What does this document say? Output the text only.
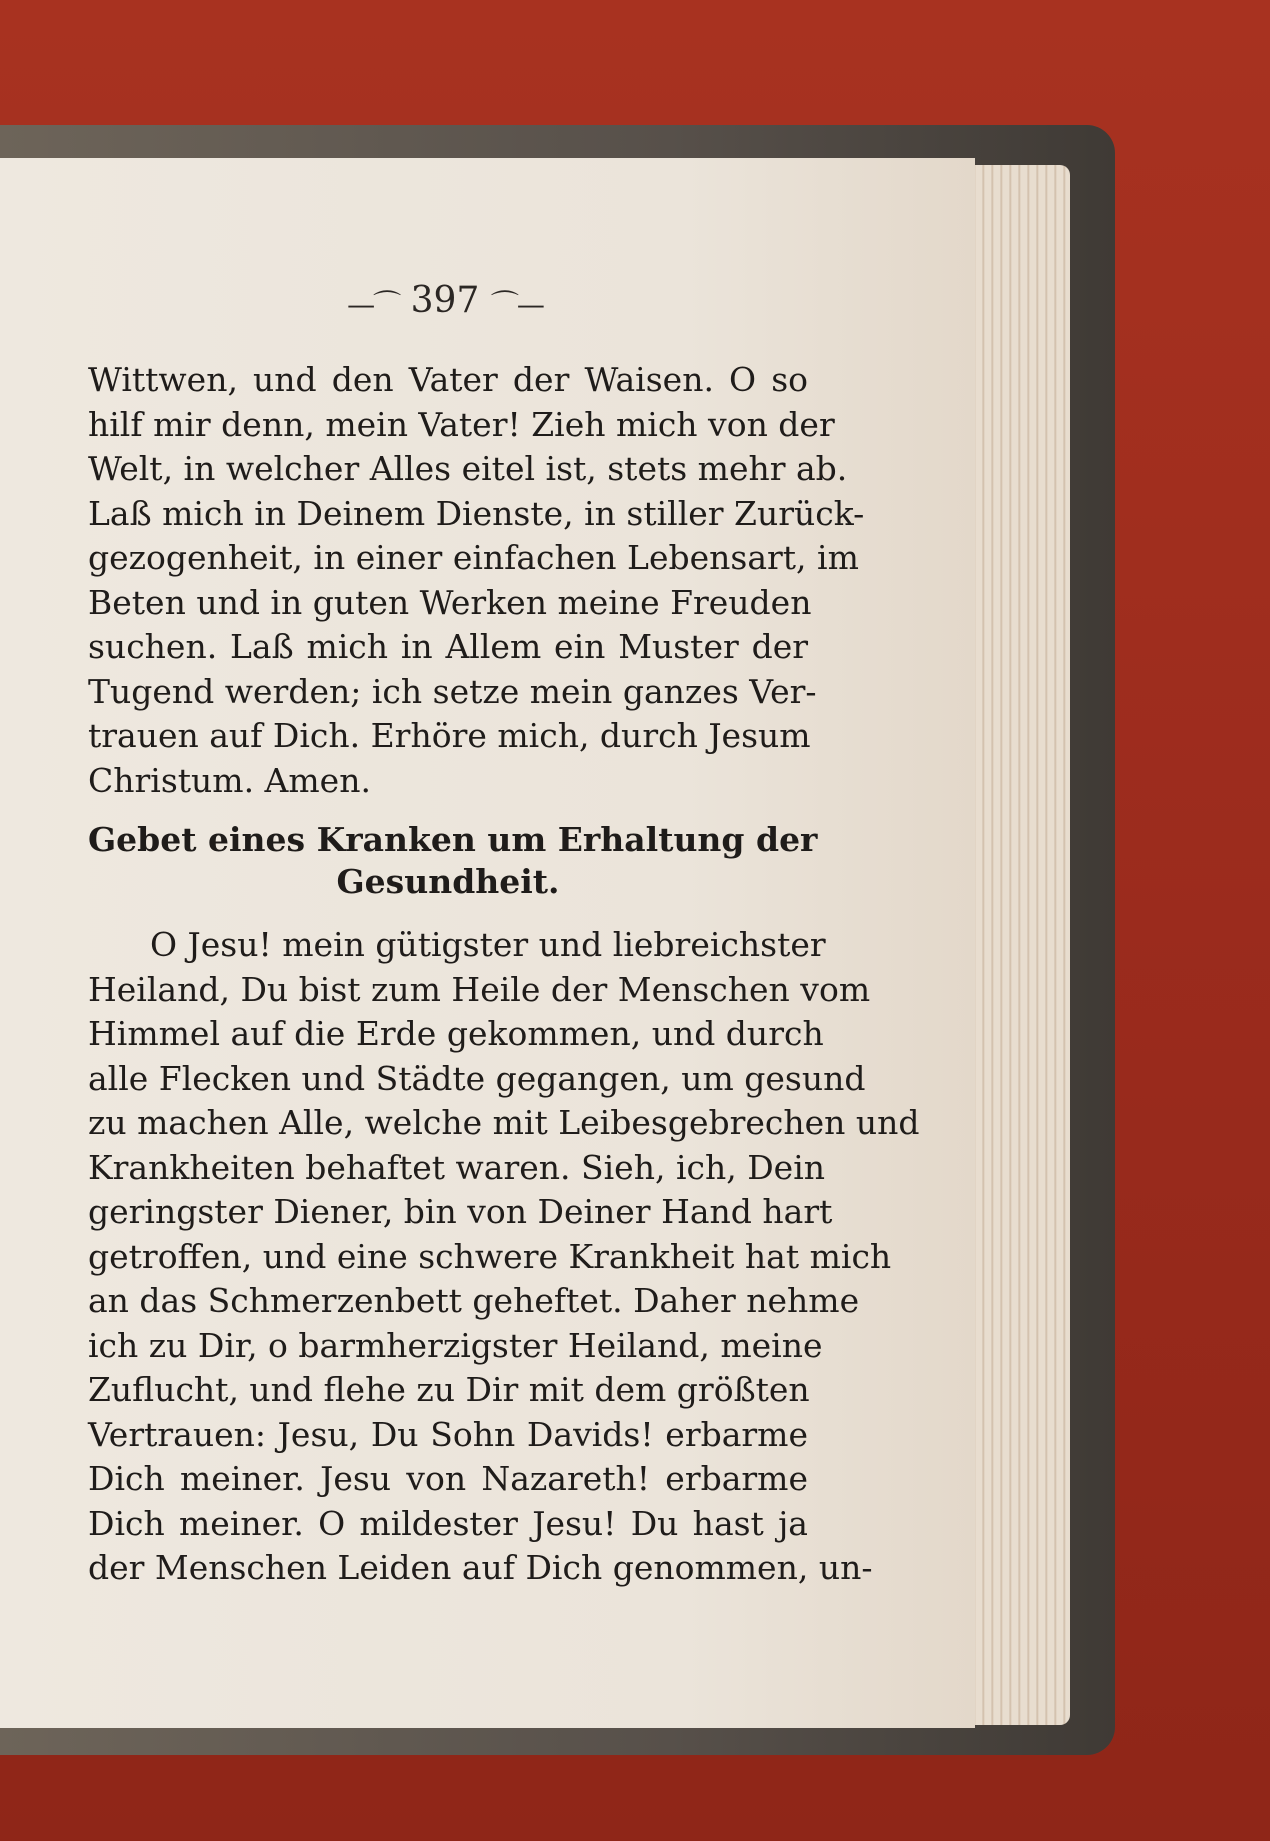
—⌒ 397 ⌒—
Wittwen, und den Vater der Waisen. O so
hilf mir denn, mein Vater! Zieh mich von der
Welt, in welcher Alles eitel ist, stets mehr ab.
Laß mich in Deinem Dienste, in stiller Zurück-
gezogenheit, in einer einfachen Lebensart, im
Beten und in guten Werken meine Freuden
suchen. Laß mich in Allem ein Muster der
Tugend werden; ich setze mein ganzes Ver-
trauen auf Dich. Erhöre mich, durch Jesum
Christum. Amen.
Gebet eines Kranken um Erhaltung der
Gesundheit.
O Jesu! mein gütigster und liebreichster
Heiland, Du bist zum Heile der Menschen vom
Himmel auf die Erde gekommen, und durch
alle Flecken und Städte gegangen, um gesund
zu machen Alle, welche mit Leibesgebrechen und
Krankheiten behaftet waren. Sieh, ich, Dein
geringster Diener, bin von Deiner Hand hart
getroffen, und eine schwere Krankheit hat mich
an das Schmerzenbett geheftet. Daher nehme
ich zu Dir, o barmherzigster Heiland, meine
Zuflucht, und flehe zu Dir mit dem größten
Vertrauen: Jesu, Du Sohn Davids! erbarme
Dich meiner. Jesu von Nazareth! erbarme
Dich meiner. O mildester Jesu! Du hast ja
der Menschen Leiden auf Dich genommen, un-
